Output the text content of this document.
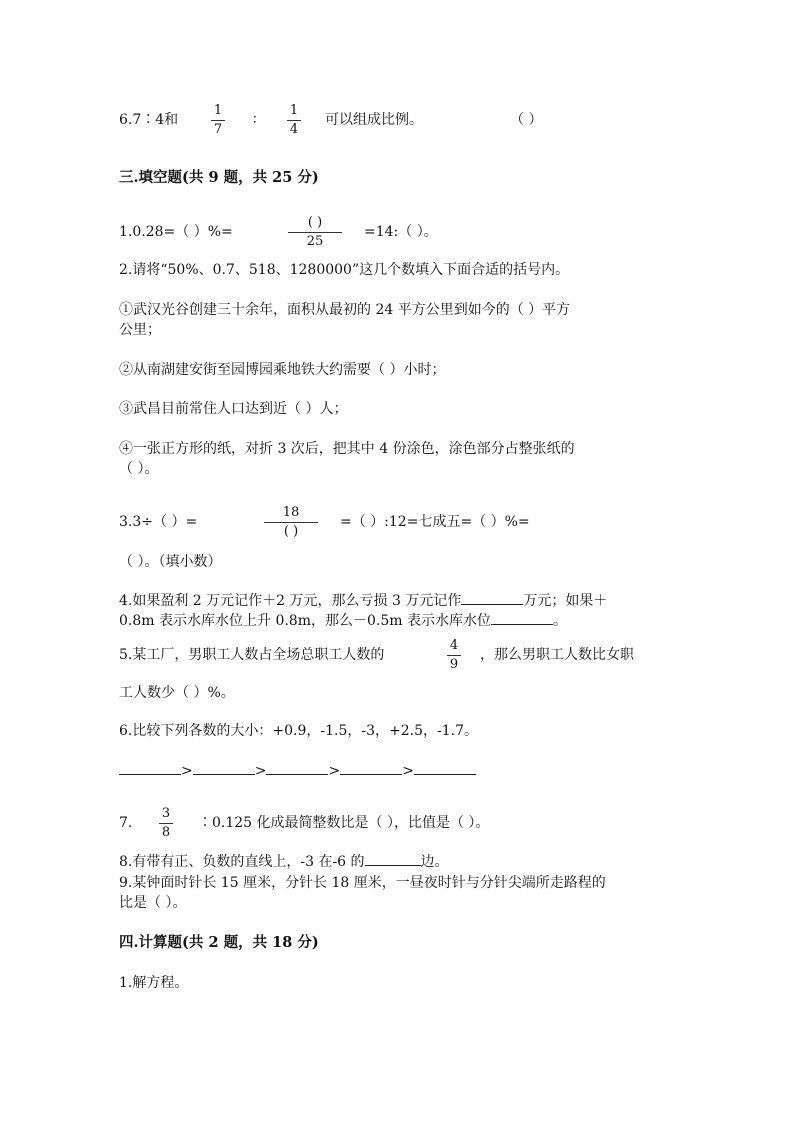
6.7∶4和
1
7
∶
1
4
可以组成比例。	（ ）
三.填空题(共 9 题，共 25 分)
1.0.28=（ ）%=
( )
25
=14:（ ）。
2.请将“50%、0.7、518、1280000”这几个数填入下面合适的括号内。
①武汉光谷创建三十余年，面积从最初的 24 平方公里到如今的（ ）平方
公里；
②从南湖建安街至园博园乘地铁大约需要（ ）小时；
③武昌目前常住人口达到近（ ）人；
④一张正方形的纸，对折 3 次后，把其中 4 份涂色，涂色部分占整张纸的
（ ）。
3.3÷（ ）=
18
( )
=（ ）:12=七成五=（ ）%=
（ ）。（填小数）
4.如果盈利 2 万元记作＋2 万元，那么亏损 3 万元记作	万元；如果＋
0.8m 表示水库水位上升 0.8m，那么－0.5m 表示水库水位	。
5.某工厂，男职工人数占全场总职工人数的
4
9
，那么男职工人数比女职
工人数少（ ）%。
6.比较下列各数的大小：+0.9，-1.5，-3，+2.5，-1.7。
>	>	>	>
7.
3
8
∶0.125 化成最简整数比是（ ），比值是（ ）。
8.有带有正、负数的直线上，-3 在-6 的	边。
9.某钟面时针长 15 厘米，分针长 18 厘米，一昼夜时针与分针尖端所走路程的
比是（ ）。
四.计算题(共 2 题，共 18 分)
1.解方程。
